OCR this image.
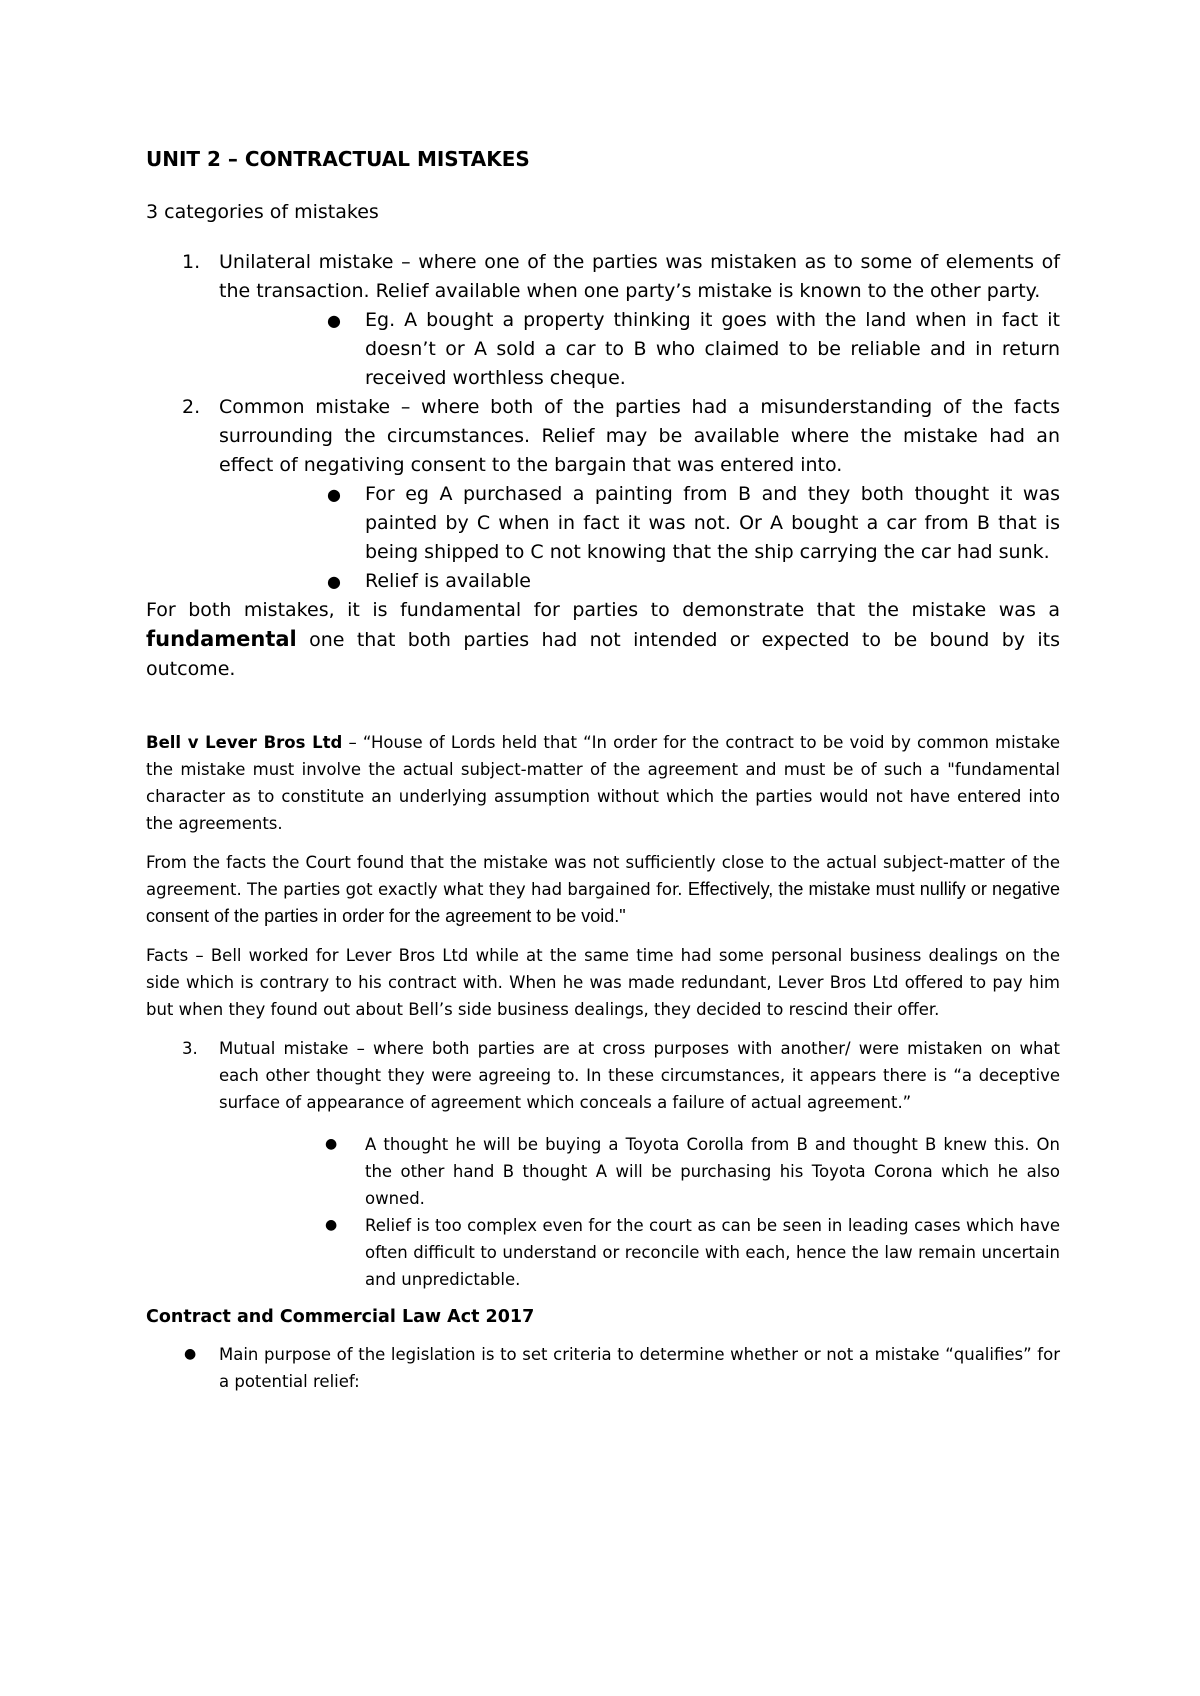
UNIT 2 – CONTRACTUAL MISTAKES
3 categories of mistakes
1. Unilateral mistake – where one of the parties was mistaken as to some of elements of the transaction. Relief available when one party’s mistake is known to the other party.
● Eg. A bought a property thinking it goes with the land when in fact it doesn’t or A sold a car to B who claimed to be reliable and in return received worthless cheque.
2. Common mistake – where both of the parties had a misunderstanding of the facts surrounding the circumstances. Relief may be available where the mistake had an effect of negativing consent to the bargain that was entered into.
● For eg A purchased a painting from B and they both thought it was painted by C when in fact it was not. Or A bought a car from B that is being shipped to C not knowing that the ship carrying the car had sunk.
● Relief is available

For both mistakes, it is fundamental for parties to demonstrate that the mistake was a fundamental one that both parties had not intended or expected to be bound by its outcome.

Bell v Lever Bros Ltd – “House of Lords held that “In order for the contract to be void by common mistake the mistake must involve the actual subject-matter of the agreement and must be of such a "fundamental character as to constitute an underlying assumption without which the parties would not have entered into the agreements.

From the facts the Court found that the mistake was not sufficiently close to the actual subject-matter of the agreement. The parties got exactly what they had bargained for. Effectively, the mistake must nullify or negative consent of the parties in order for the agreement to be void."

Facts – Bell worked for Lever Bros Ltd while at the same time had some personal business dealings on the side which is contrary to his contract with. When he was made redundant, Lever Bros Ltd offered to pay him but when they found out about Bell’s side business dealings, they decided to rescind their offer.

3. Mutual mistake – where both parties are at cross purposes with another/ were mistaken on what each other thought they were agreeing to. In these circumstances, it appears there is “a deceptive surface of appearance of agreement which conceals a failure of actual agreement.”
● A thought he will be buying a Toyota Corolla from B and thought B knew this. On the other hand B thought A will be purchasing his Toyota Corona which he also owned.
● Relief is too complex even for the court as can be seen in leading cases which have often difficult to understand or reconcile with each, hence the law remain uncertain and unpredictable.
Contract and Commercial Law Act 2017
● Main purpose of the legislation is to set criteria to determine whether or not a mistake “qualifies” for a potential relief:
